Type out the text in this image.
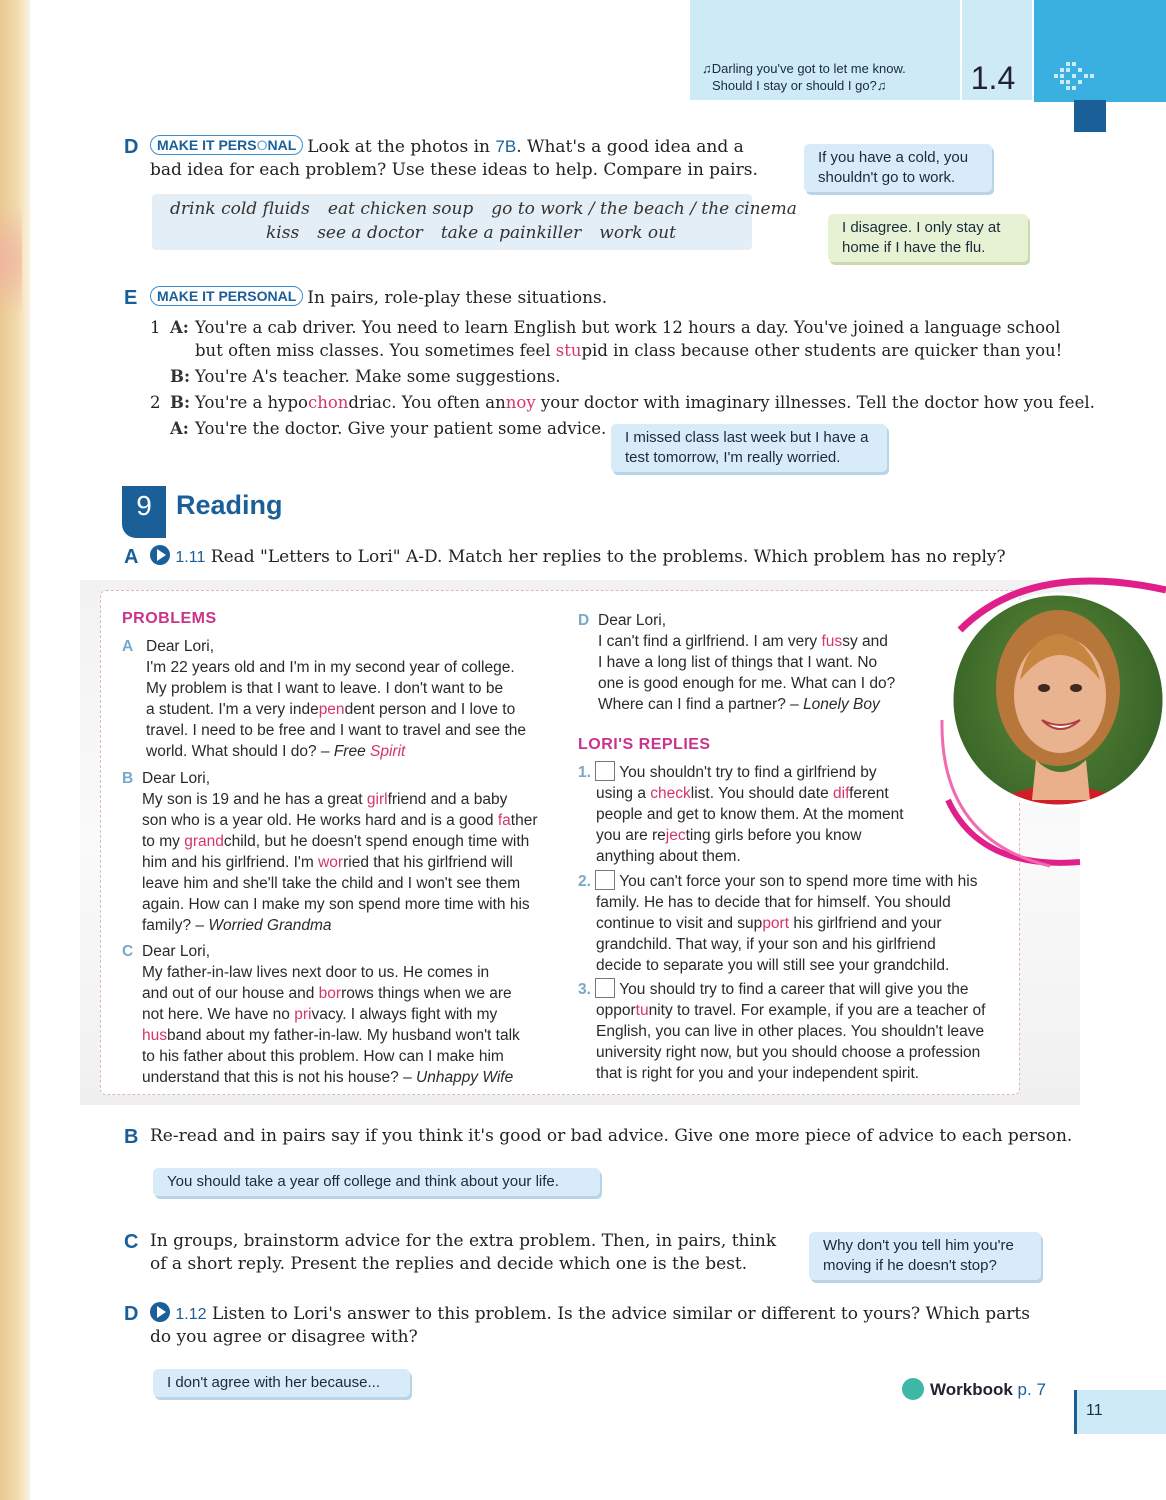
♫Darling you've got to let me know.
Should I stay or should I go?♫	1.4
D	MAKE IT PERSONAL Look at the photos in 7B. What's a good idea and a
bad idea for each problem? Use these ideas to help. Compare in pairs.
drink cold fluids eat chicken soup go to work / the beach / the cinema
kiss see a doctor take a painkiller work out
If you have a cold, you shouldn't go to work.
I disagree. I only stay at home if I have the flu.
E	MAKE IT PERSONAL In pairs, role-play these situations.
1 A: You're a cab driver. You need to learn English but work 12 hours a day. You've joined a language school
but often miss classes. You sometimes feel stupid in class because other students are quicker than you!
B: You're A's teacher. Make some suggestions.
2 B: You're a hypochondriac. You often annoy your doctor with imaginary illnesses. Tell the doctor how you feel.
A: You're the doctor. Give your patient some advice.	I missed class last week but I have a test tomorrow, I'm really worried.
9 Reading
A	1.11 Read "Letters to Lori" A-D. Match her replies to the problems. Which problem has no reply?
PROBLEMS
A Dear Lori,
I'm 22 years old and I'm in my second year of college.
My problem is that I want to leave. I don't want to be
a student. I'm a very independent person and I love to
travel. I need to be free and I want to travel and see the
world. What should I do? – Free Spirit
B Dear Lori,
My son is 19 and he has a great girlfriend and a baby
son who is a year old. He works hard and is a good father
to my grandchild, but he doesn't spend enough time with
him and his girlfriend. I'm worried that his girlfriend will
leave him and she'll take the child and I won't see them
again. How can I make my son spend more time with his
family? – Worried Grandma
C Dear Lori,
My father-in-law lives next door to us. He comes in
and out of our house and borrows things when we are
not here. We have no privacy. I always fight with my
husband about my father-in-law. My husband won't talk
to his father about this problem. How can I make him
understand that this is not his house? – Unhappy Wife
D Dear Lori,
I can't find a girlfriend. I am very fussy and
I have a long list of things that I want. No
one is good enough for me. What can I do?
Where can I find a partner? – Lonely Boy
LORI'S REPLIES
1. You shouldn't try to find a girlfriend by
using a checklist. You should date different
people and get to know them. At the moment
you are rejecting girls before you know
anything about them.
2. You can't force your son to spend more time with his
family. He has to decide that for himself. You should
continue to visit and support his girlfriend and your
grandchild. That way, if your son and his girlfriend
decide to separate you will still see your grandchild.
3. You should try to find a career that will give you the
opportunity to travel. For example, if you are a teacher of
English, you can live in other places. You shouldn't leave
university right now, but you should choose a profession
that is right for you and your independent spirit.
B Re-read and in pairs say if you think it's good or bad advice. Give one more piece of advice to each person.
You should take a year off college and think about your life.
C In groups, brainstorm advice for the extra problem. Then, in pairs, think
of a short reply. Present the replies and decide which one is the best.
Why don't you tell him you're moving if he doesn't stop?
D	1.12 Listen to Lori's answer to this problem. Is the advice similar or different to yours? Which parts
do you agree or disagree with?
I don't agree with her because...	Workbook p. 7
11
